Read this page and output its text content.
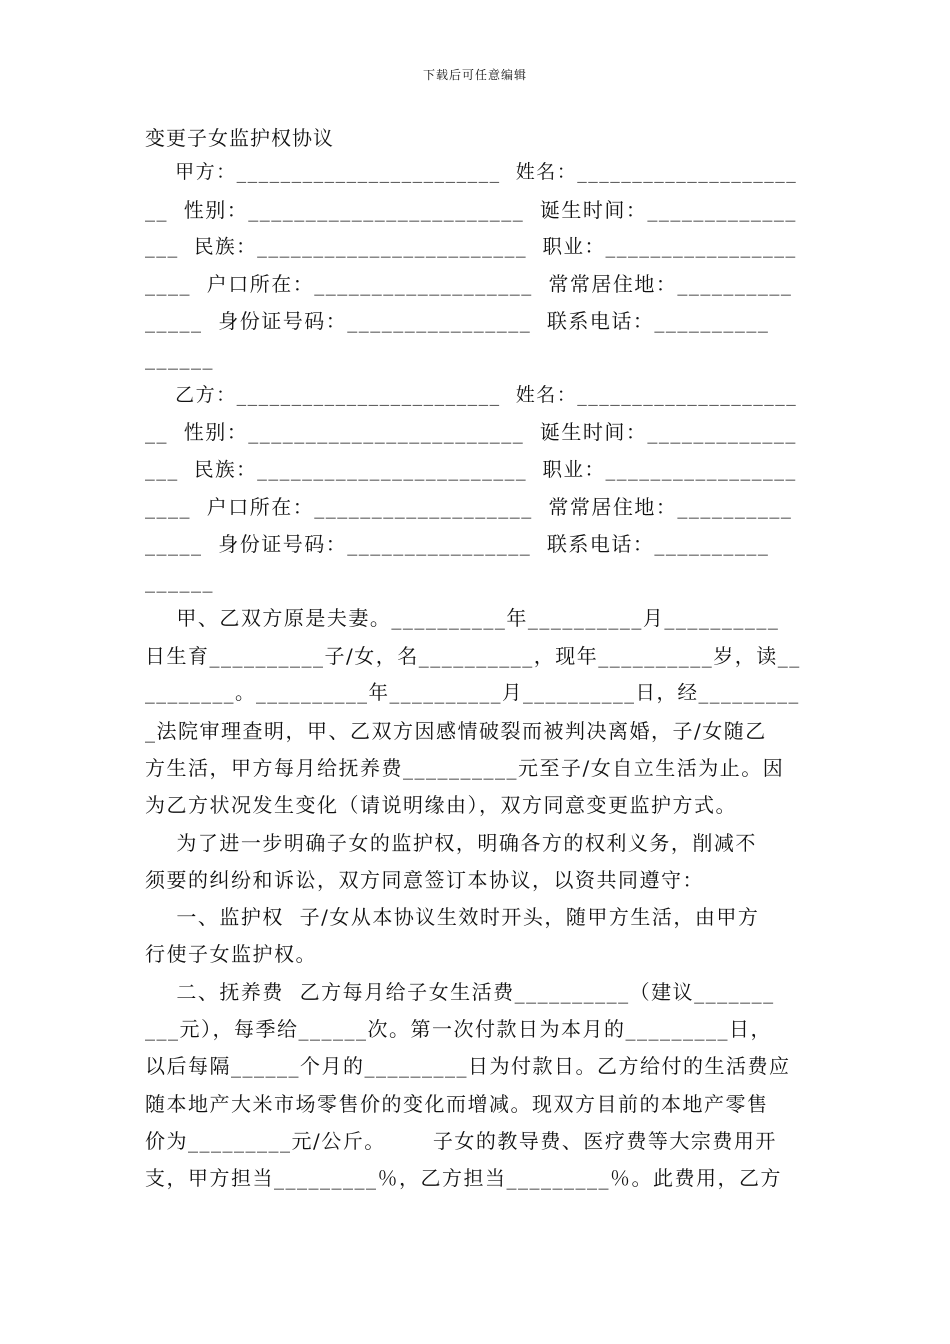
下载后可任意编辑
变更子女监护权协议
甲方：________________________  姓名：____________________
__  性别：________________________  诞生时间：_____________
___  民族：________________________  职业：_________________
____  户口所在：___________________  常常居住地：__________
_____  身份证号码：________________  联系电话：__________
______
乙方：________________________  姓名：____________________
__  性别：________________________  诞生时间：_____________
___  民族：________________________  职业：_________________
____  户口所在：___________________  常常居住地：__________
_____  身份证号码：________________  联系电话：__________
______
甲、乙双方原是夫妻。__________年__________月__________
日生育__________子/女，名__________，现年__________岁，读__
________。__________年__________月__________日，经_________
_法院审理查明，甲、乙双方因感情破裂而被判决离婚，子/女随乙
方生活，甲方每月给抚养费__________元至子/女自立生活为止。因
为乙方状况发生变化（请说明缘由），双方同意变更监护方式。
为了进一步明确子女的监护权，明确各方的权利义务，削减不
须要的纠纷和诉讼，双方同意签订本协议，以资共同遵守：
一、监护权  子/女从本协议生效时开头，随甲方生活，由甲方
行使子女监护权。
二、抚养费  乙方每月给子女生活费__________（建议_______
___元），每季给______次。第一次付款日为本月的_________日，
以后每隔______个月的_________日为付款日。乙方给付的生活费应
随本地产大米市场零售价的变化而增减。现双方目前的本地产零售
价为_________元/公斤。      子女的教导费、医疗费等大宗费用开
支，甲方担当_________％，乙方担当_________％。此费用，乙方
